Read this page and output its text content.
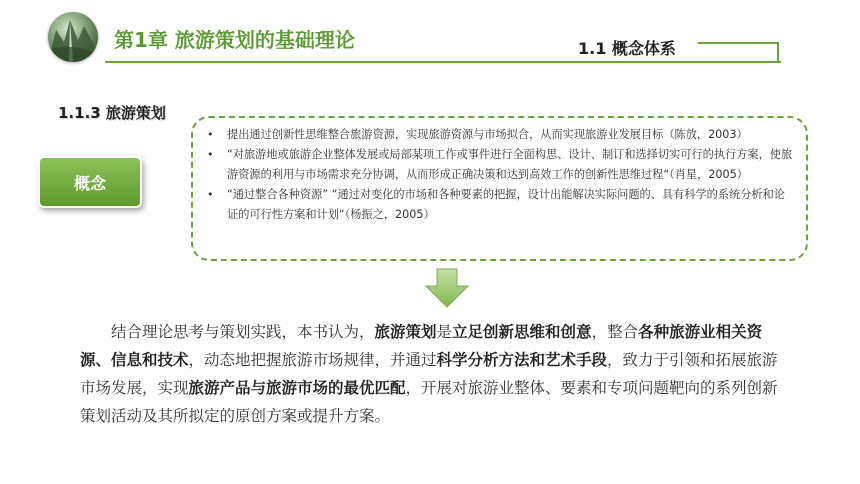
第1章 旅游策划的基础理论	1.1 概念体系
1.1.3 旅游策划
概念
• 提出通过创新性思维整合旅游资源，实现旅游资源与市场拟合，从而实现旅游业发展目标（陈放，2003）
• “对旅游地或旅游企业整体发展或局部某项工作或事件进行全面构思、设计、制订和选择切实可行的执行方案，使旅游资源的利用与市场需求充分协调，从而形成正确决策和达到高效工作的创新性思维过程“（肖星，2005）
• “通过整合各种资源” “通过对变化的市场和各种要素的把握，设计出能解决实际问题的、具有科学的系统分析和论证的可行性方案和计划“（杨振之，2005）

结合理论思考与策划实践，本书认为，旅游策划是立足创新思维和创意，整合各种旅游业相关资源、信息和技术，动态地把握旅游市场规律，并通过科学分析方法和艺术手段，致力于引领和拓展旅游市场发展，实现旅游产品与旅游市场的最优匹配，开展对旅游业整体、要素和专项问题靶向的系列创新策划活动及其所拟定的原创方案或提升方案。
